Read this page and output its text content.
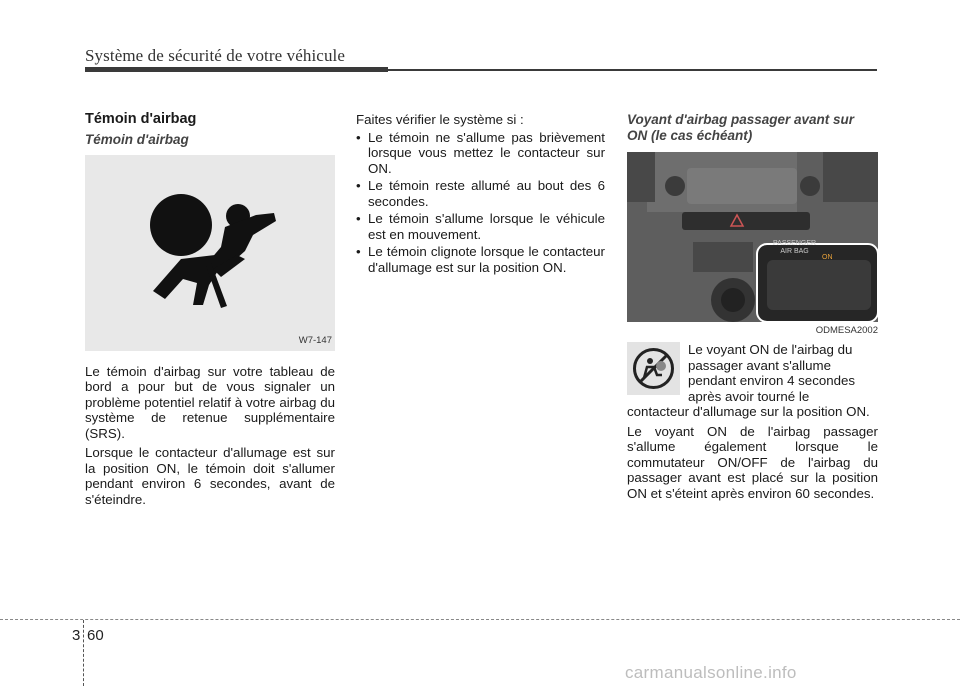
Système de sécurité de votre véhicule
Témoin d'airbag
Témoin d'airbag
W7-147

Le témoin d'airbag sur votre tableau de bord a pour but de vous signaler un problème potentiel relatif à votre airbag du système de retenue supplémentaire (SRS).

Lorsque le contacteur d'allumage est sur la position ON, le témoin doit s'allumer pendant environ 6 secondes, avant de s'éteindre.

Faites vérifier le système si :
• Le témoin ne s'allume pas brièvement lorsque vous mettez le contacteur sur ON.
• Le témoin reste allumé au bout des 6 secondes.
• Le témoin s'allume lorsque le véhicule est en mouvement.
• Le témoin clignote lorsque le contacteur d'allumage est sur la position ON.
Voyant d'airbag passager avant sur ON (le cas échéant)
PASSENGER
AIR BAG
ON
ODMESA2002
Le voyant ON de l'airbag du
passager avant s'allume
pendant environ 4 secondes
après avoir tourné le
contacteur d'allumage sur la position ON.

Le voyant ON de l'airbag passager s'allume également lorsque le commutateur ON/OFF de l'airbag du passager avant est placé sur la position ON et s'éteint après environ 60 secondes.

3 60
carmanualsonline.info
